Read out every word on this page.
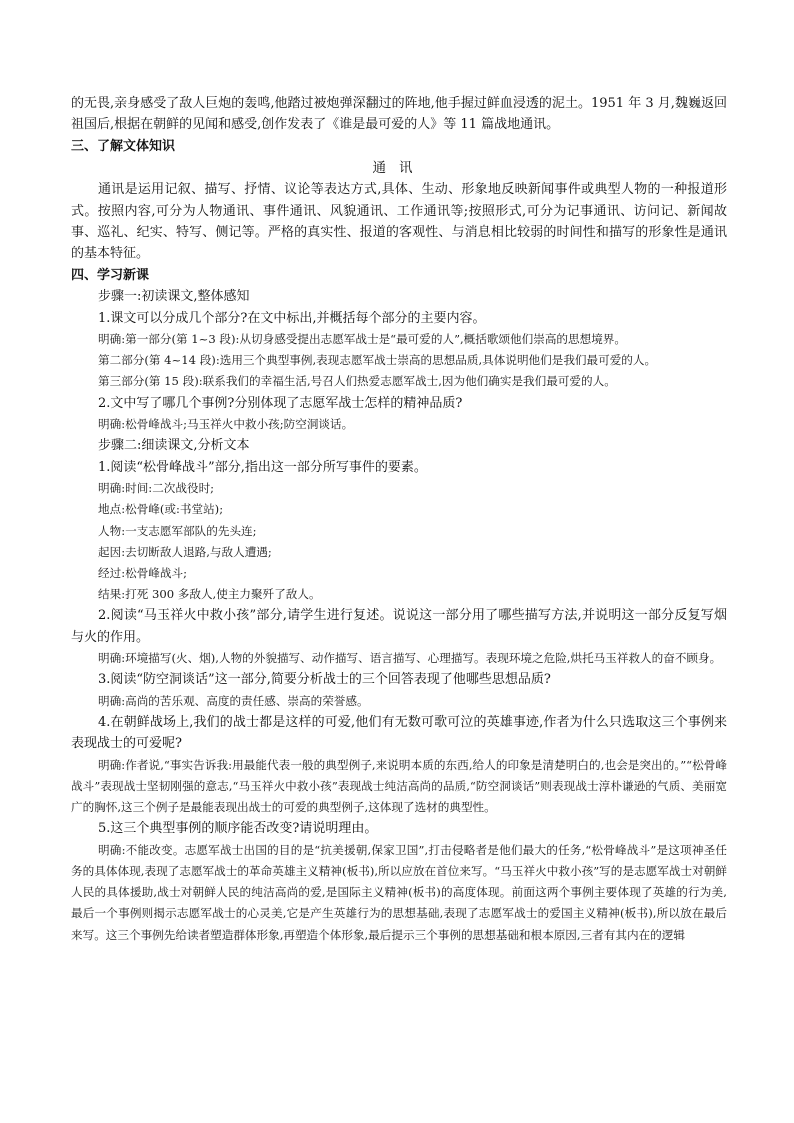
的无畏,亲身感受了敌人巨炮的轰鸣,他踏过被炮弹深翻过的阵地,他手握过鲜血浸透的泥土。1951 年 3 月,魏巍返回祖国后,根据在朝鲜的见闻和感受,创作发表了《谁是最可爱的人》等 11 篇战地通讯。

三、了解文体知识

通讯

通讯是运用记叙、描写、抒情、议论等表达方式,具体、生动、形象地反映新闻事件或典型人物的一种报道形式。按照内容,可分为人物通讯、事件通讯、风貌通讯、工作通讯等;按照形式,可分为记事通讯、访问记、新闻故事、巡礼、纪实、特写、侧记等。严格的真实性、报道的客观性、与消息相比较弱的时间性和描写的形象性是通讯的基本特征。

四、学习新课

步骤一:初读课文,整体感知

1.课文可以分成几个部分?在文中标出,并概括每个部分的主要内容。

明确:第一部分(第 1~3 段):从切身感受提出志愿军战士是“最可爱的人”,概括歌颂他们崇高的思想境界。

第二部分(第 4~14 段):选用三个典型事例,表现志愿军战士崇高的思想品质,具体说明他们是我们最可爱的人。

第三部分(第 15 段):联系我们的幸福生活,号召人们热爱志愿军战士,因为他们确实是我们最可爱的人。

2.文中写了哪几个事例?分别体现了志愿军战士怎样的精神品质?

明确:松骨峰战斗;马玉祥火中救小孩;防空洞谈话。

步骤二:细读课文,分析文本

1.阅读“松骨峰战斗”部分,指出这一部分所写事件的要素。

明确:时间:二次战役时;

地点:松骨峰(或:书堂站);

人物:一支志愿军部队的先头连;

起因:去切断敌人退路,与敌人遭遇;

经过:松骨峰战斗;

结果:打死 300 多敌人,使主力聚歼了敌人。

2.阅读“马玉祥火中救小孩”部分,请学生进行复述。说说这一部分用了哪些描写方法,并说明这一部分反复写烟与火的作用。

明确:环境描写(火、烟),人物的外貌描写、动作描写、语言描写、心理描写。表现环境之危险,烘托马玉祥救人的奋不顾身。

3.阅读“防空洞谈话”这一部分,简要分析战士的三个回答表现了他哪些思想品质?

明确:高尚的苦乐观、高度的责任感、崇高的荣誉感。

4.在朝鲜战场上,我们的战士都是这样的可爱,他们有无数可歌可泣的英雄事迹,作者为什么只选取这三个事例来表现战士的可爱呢?

明确:作者说,“事实告诉我:用最能代表一般的典型例子,来说明本质的东西,给人的印象是清楚明白的,也会是突出的。”“松骨峰战斗”表现战士坚韧刚强的意志,“马玉祥火中救小孩”表现战士纯洁高尚的品质,“防空洞谈话”则表现战士淳朴谦逊的气质、美丽宽广的胸怀,这三个例子是最能表现出战士的可爱的典型例子,这体现了选材的典型性。

5.这三个典型事例的顺序能否改变?请说明理由。

明确:不能改变。志愿军战士出国的目的是“抗美援朝,保家卫国”,打击侵略者是他们最大的任务,“松骨峰战斗”是这项神圣任务的具体体现,表现了志愿军战士的革命英雄主义精神(板书),所以应放在首位来写。“马玉祥火中救小孩”写的是志愿军战士对朝鲜人民的具体援助,战士对朝鲜人民的纯洁高尚的爱,是国际主义精神(板书)的高度体现。前面这两个事例主要体现了英雄的行为美,最后一个事例则揭示志愿军战士的心灵美,它是产生英雄行为的思想基础,表现了志愿军战士的爱国主义精神(板书),所以放在最后来写。这三个事例先给读者塑造群体形象,再塑造个体形象,最后提示三个事例的思想基础和根本原因,三者有其内在的逻辑
